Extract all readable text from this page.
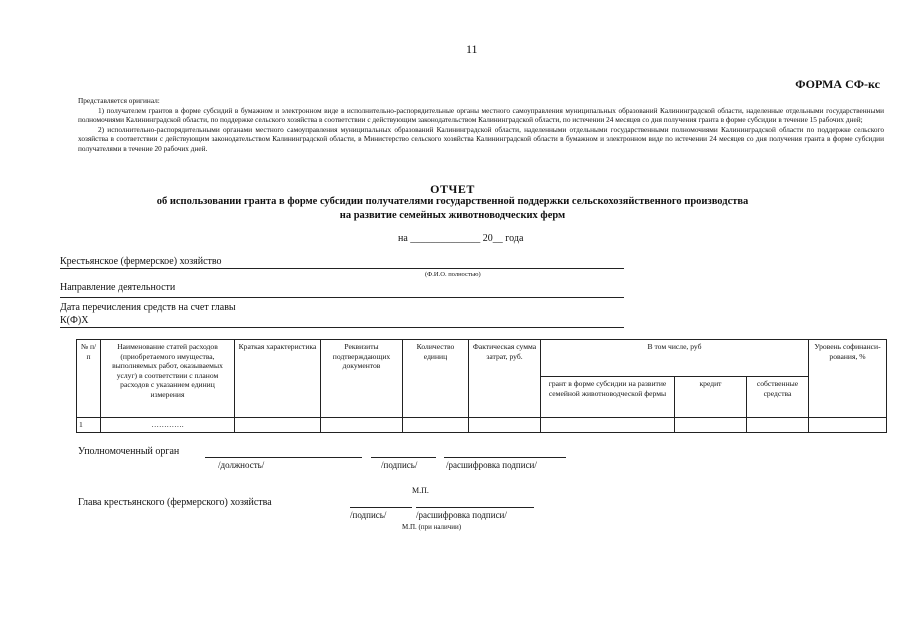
11
ФОРМА СФ-кс

Представляется оригинал:

1) получателем грантов в форме субсидий в бумажном и электронном виде в исполнительно-распорядительные органы местного самоуправления муниципальных образований Калининградской области, наделенные отдельными государственными полномочиями Калининградской области, по поддержке сельского хозяйства в соответствии с действующим законодательством Калининградской области, по истечении 24 месяцев со дня получения гранта в форме субсидии в течение 15 рабочих дней;

2) исполнительно-распорядительными органами местного самоуправления муниципальных образований Калининградской области, наделенными отдельными государственными полномочиями Калининградской области по поддержке сельского хозяйства в соответствии с действующим законодательством Калининградской области, в Министерство сельского хозяйства Калининградской области в бумажном и электронном виде по истечении 24 месяцев со дня получения гранта в форме субсидии получателями в течение 20 рабочих дней.

ОТЧЕТ
об использовании гранта в форме субсидии получателями государственной поддержки сельскохозяйственного производства
на развитие семейных животноводческих ферм
на ______________ 20__ года
Крестьянское (фермерское) хозяйство
(Ф.И.О. полностью)
Направление деятельности
Дата перечисления средств на счет главы
К(Ф)Х
№ п/п	Наименование статей расходов (приобретаемого имущества, выполняемых работ, оказываемых услуг) в соответствии с планом расходов с указанием единиц измерения	Краткая характеристика	Реквизиты подтверждающих документов	Количество единиц	Фактическая сумма затрат, руб.	В том числе, руб			Уровень софинанси-рования, %
						грант в форме субсидии на развитие семейной животноводческой фермы	кредит	собственные средства	
1	………….								
Уполномоченный орган
/должность/	/подпись/	/расшифровка подписи/
М.П.
Глава крестьянского (фермерского) хозяйства
/подпись/	/расшифровка подписи/
М.П. (при наличии)
